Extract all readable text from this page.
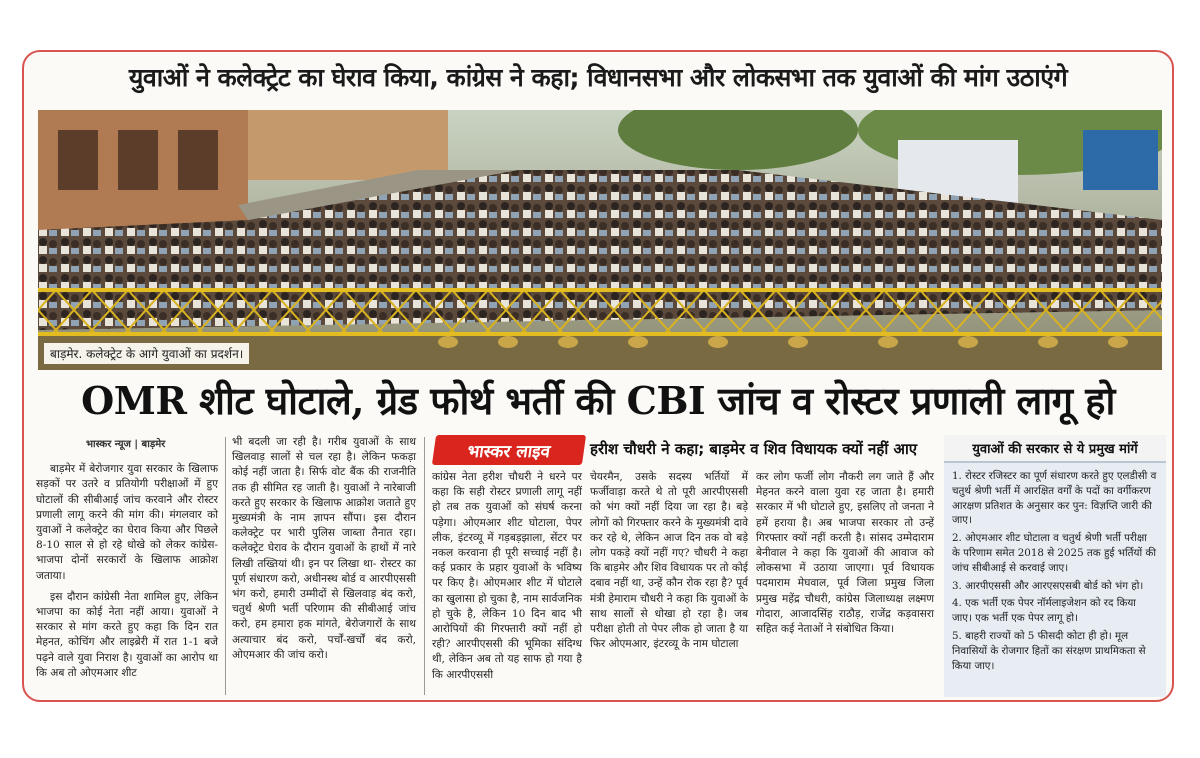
युवाओं ने कलेक्ट्रेट का घेराव किया, कांग्रेस ने कहा; विधानसभा और लोकसभा तक युवाओं की मांग उठाएंगे
बाड़मेर. कलेक्ट्रेट के आगे युवाओं का प्रदर्शन।
OMR शीट घोटाले, ग्रेड फोर्थ भर्ती की CBI जांच व रोस्टर प्रणाली लागू हो
भास्कर न्यूज | बाड़मेर

बाड़मेर में बेरोजगार युवा सरकार के खिलाफ सड़कों पर उतरे व प्रतियोगी परीक्षाओं में हुए घोटालों की सीबीआई जांच करवाने और रोस्टर प्रणाली लागू करने की मांग की। मंगलवार को युवाओं ने कलेक्ट्रेट का घेराव किया और पिछले 8-10 साल से हो रहे धोखे को लेकर कांग्रेस-भाजपा दोनों सरकारों के खिलाफ आक्रोश जताया।

इस दौरान कांग्रेसी नेता शामिल हुए, लेकिन भाजपा का कोई नेता नहीं आया। युवाओं ने सरकार से मांग करते हुए कहा कि दिन रात मेहनत, कोचिंग और लाइब्रेरी में रात 1-1 बजे पढ़ने वाले युवा निराश है। युवाओं का आरोप था कि अब तो ओएमआर शीट

भी बदली जा रही है। गरीब युवाओं के साथ खिलवाड़ सालों से चल रहा है। लेकिन फकड़ा कोई नहीं जाता है। सिर्फ वोट बैंक की राजनीति तक ही सीमित रह जाती है। युवाओं ने नारेबाजी करते हुए सरकार के खिलाफ आक्रोश जताते हुए मुख्यमंत्री के नाम ज्ञापन सौंपा। इस दौरान कलेक्ट्रेट पर भारी पुलिस जाब्ता तैनात रहा। कलेक्ट्रेट घेराव के दौरान युवाओं के हाथों में नारे लिखी तख्तियां थी। इन पर लिखा था- रोस्टर का पूर्ण संधारण करो, अधीनस्थ बोर्ड व आरपीएससी भंग करो, हमारी उम्मीदों से खिलवाड़ बंद करो, चतुर्थ श्रेणी भर्ती परिणाम की सीबीआई जांच करो, हम हमारा हक मांगते, बेरोजगारों के साथ अत्याचार बंद करो, पर्चों-खर्चों बंद करो, ओएमआर की जांच करो।

भास्कर लाइव	हरीश चौधरी ने कहा; बाड़मेर व शिव विधायक क्यों नहीं आए

कांग्रेस नेता हरीश चौधरी ने धरने पर कहा कि सही रोस्टर प्रणाली लागू नहीं हो तब तक युवाओं को संघर्ष करना पड़ेगा। ओएमआर शीट घोटाला, पेपर लीक, इंटरव्यू में गड़बड़झाला, सेंटर पर नकल करवाना ही पूरी सच्चाई नहीं है। कई प्रकार के प्रहार युवाओं के भविष्य पर किए है। ओएमआर शीट में घोटाले का खुलासा हो चुका है, नाम सार्वजनिक हो चुके है, लेकिन 10 दिन बाद भी आरोपियों की गिरफ्तारी क्यों नहीं हो रही? आरपीएससी की भूमिका संदिग्ध थी, लेकिन अब तो यह साफ हो गया है कि आरपीएससी

चेयरमैन, उसके सदस्य भर्तियों में फर्जीवाड़ा करते थे तो पूरी आरपीएससी को भंग क्यों नहीं दिया जा रहा है। बड़े लोगों को गिरफ्तार करने के मुख्यमंत्री दावे कर रहे थे, लेकिन आज दिन तक वो बड़े लोग पकड़े क्यों नहीं गए? चौधरी ने कहा कि बाड़मेर और शिव विधायक पर तो कोई दबाव नहीं था, उन्हें कौन रोक रहा है? पूर्व मंत्री हेमाराम चौधरी ने कहा कि युवाओं के साथ सालों से धोखा हो रहा है। जब परीक्षा होती तो पेपर लीक हो जाता है या फिर ओएमआर, इंटरव्यू के नाम घोटाला

कर लोग फर्जी लोग नौकरी लग जाते हैं और मेहनत करने वाला युवा रह जाता है। हमारी सरकार में भी घोटाले हुए, इसलिए तो जनता ने हमें हराया है। अब भाजपा सरकार तो उन्हें गिरफ्तार क्यों नहीं करती है। सांसद उम्मेदाराम बेनीवाल ने कहा कि युवाओं की आवाज को लोकसभा में उठाया जाएगा। पूर्व विधायक पदमाराम मेघवाल, पूर्व जिला प्रमुख जिला प्रमुख महेंद्र चौधरी, कांग्रेस जिलाध्यक्ष लक्ष्मण गोदारा, आजादसिंह राठौड़, राजेंद्र कड़वासरा सहित कई नेताओं ने संबोधित किया।

युवाओं की सरकार से ये प्रमुख मांगें
1. रोस्टर रजिस्टर का पूर्ण संधारण करते हुए एलडीसी व चतुर्थ श्रेणी भर्ती में आरक्षित वर्गों के पदों का वर्गीकरण आरक्षण प्रतिशत के अनुसार कर पुन: विज्ञप्ति जारी की जाए।
2. ओएमआर शीट घोटाला व चतुर्थ श्रेणी भर्ती परीक्षा के परिणाम समेत 2018 से 2025 तक हुई भर्तियों की जांच सीबीआई से करवाई जाए।
3. आरपीएससी और आरएसएसबी बोर्ड को भंग हो।
4. एक भर्ती एक पेपर नॉर्मलाइजेशन को रद किया जाए। एक भर्ती एक पेपर लागू हो।
5. बाहरी राज्यों को 5 फीसदी कोटा ही हो। मूल निवासियों के रोजगार हितों का संरक्षण प्राथमिकता से किया जाए।
